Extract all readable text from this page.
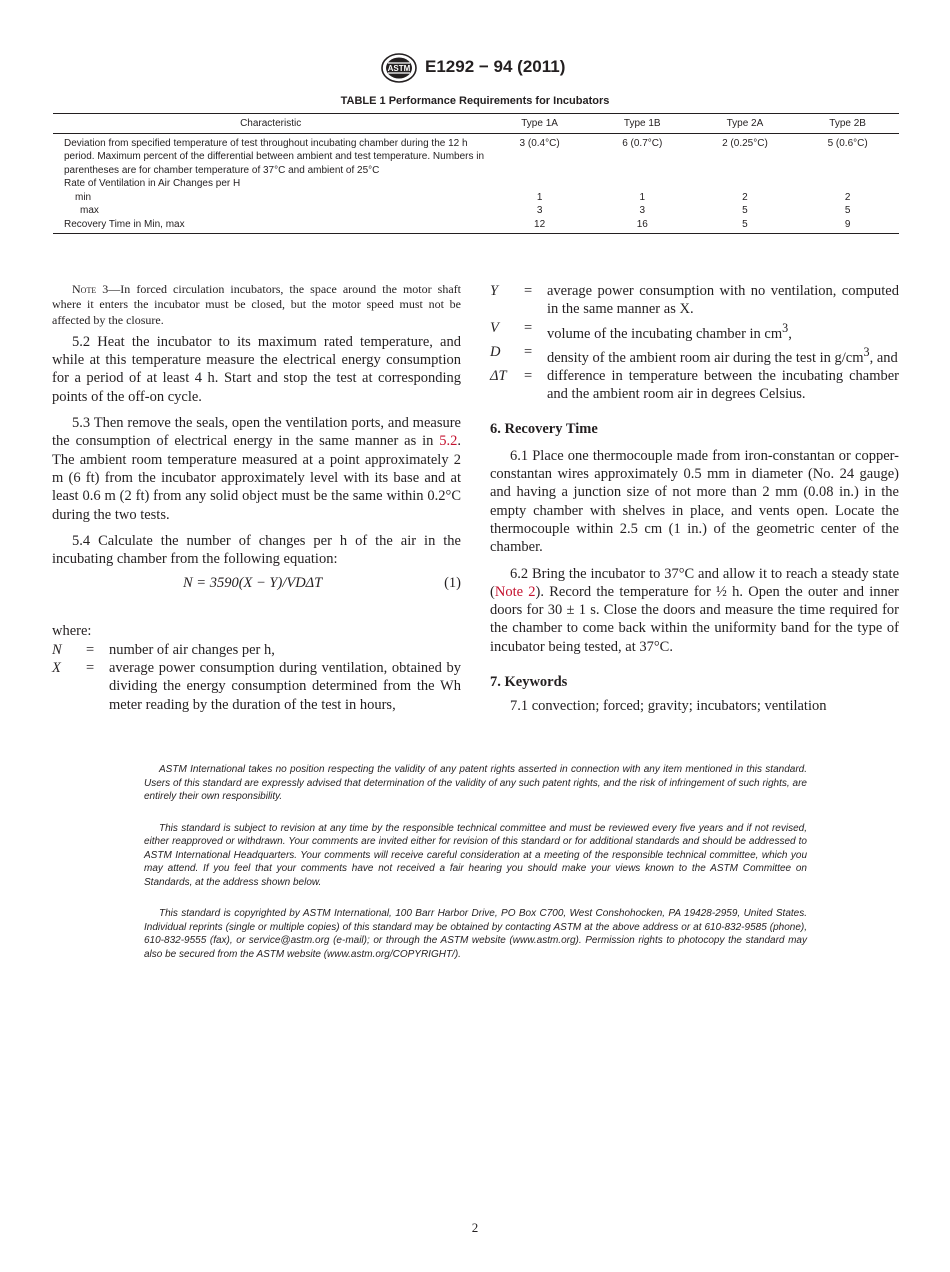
ASTM E1292 − 94 (2011)
TABLE 1 Performance Requirements for Incubators
Characteristic	Type 1A	Type 1B	Type 2A	Type 2B
Deviation from specified temperature of test throughout incubating chamber during the 12 h period. Maximum percent of the differential between ambient and test temperature. Numbers in parentheses are for chamber temperature of 37°C and ambient of 25°C	3 (0.4°C)	6 (0.7°C)	2 (0.25°C)	5 (0.6°C)
Rate of Ventilation in Air Changes per H				
min	1	1	2	2
max	3	3	5	5
Recovery Time in Min, max	12	16	5	9

Note 3—In forced circulation incubators, the space around the motor shaft where it enters the incubator must be closed, but the motor speed must not be affected by the closure.

5.2 Heat the incubator to its maximum rated temperature, and while at this temperature measure the electrical energy consumption for a period of at least 4 h. Start and stop the test at corresponding points of the off-on cycle.

5.3 Then remove the seals, open the ventilation ports, and measure the consumption of electrical energy in the same manner as in 5.2. The ambient room temperature measured at a point approximately 2 m (6 ft) from the incubator approximately level with its base and at least 0.6 m (2 ft) from any solid object must be the same within 0.2°C during the two tests.

5.4 Calculate the number of changes per h of the air in the incubating chamber from the following equation:

N = 3590(X − Y)/VDΔT	(1)

where:

N	=	number of air changes per h,
X	=	average power consumption during ventilation, obtained by dividing the energy consumption determined from the Wh meter reading by the duration of the test in hours,
Y	=	average power consumption with no ventilation, computed in the same manner as X.
V	=	volume of the incubating chamber in $cm^3$,
D	=	density of the ambient room air during the test in $g/cm^3$, and
ΔT	=	difference in temperature between the incubating chamber and the ambient room air in degrees Celsius.
6. Recovery Time

6.1 Place one thermocouple made from iron-constantan or copper-constantan wires approximately 0.5 mm in diameter (No. 24 gauge) and having a junction size of not more than 2 mm (0.08 in.) in the empty chamber with shelves in place, and vents open. Locate the thermocouple within 2.5 cm (1 in.) of the geometric center of the chamber.

6.2 Bring the incubator to 37°C and allow it to reach a steady state (Note 2). Record the temperature for ½ h. Open the outer and inner doors for 30 ± 1 s. Close the doors and measure the time required for the chamber to come back within the uniformity band for the type of incubator being tested, at 37°C.

7. Keywords

7.1 convection; forced; gravity; incubators; ventilation

ASTM International takes no position respecting the validity of any patent rights asserted in connection with any item mentioned in this standard. Users of this standard are expressly advised that determination of the validity of any such patent rights, and the risk of infringement of such rights, are entirely their own responsibility.

This standard is subject to revision at any time by the responsible technical committee and must be reviewed every five years and if not revised, either reapproved or withdrawn. Your comments are invited either for revision of this standard or for additional standards and should be addressed to ASTM International Headquarters. Your comments will receive careful consideration at a meeting of the responsible technical committee, which you may attend. If you feel that your comments have not received a fair hearing you should make your views known to the ASTM Committee on Standards, at the address shown below.

This standard is copyrighted by ASTM International, 100 Barr Harbor Drive, PO Box C700, West Conshohocken, PA 19428-2959, United States. Individual reprints (single or multiple copies) of this standard may be obtained by contacting ASTM at the above address or at 610-832-9585 (phone), 610-832-9555 (fax), or service@astm.org (e-mail); or through the ASTM website (www.astm.org). Permission rights to photocopy the standard may also be secured from the ASTM website (www.astm.org/COPYRIGHT/).

2
